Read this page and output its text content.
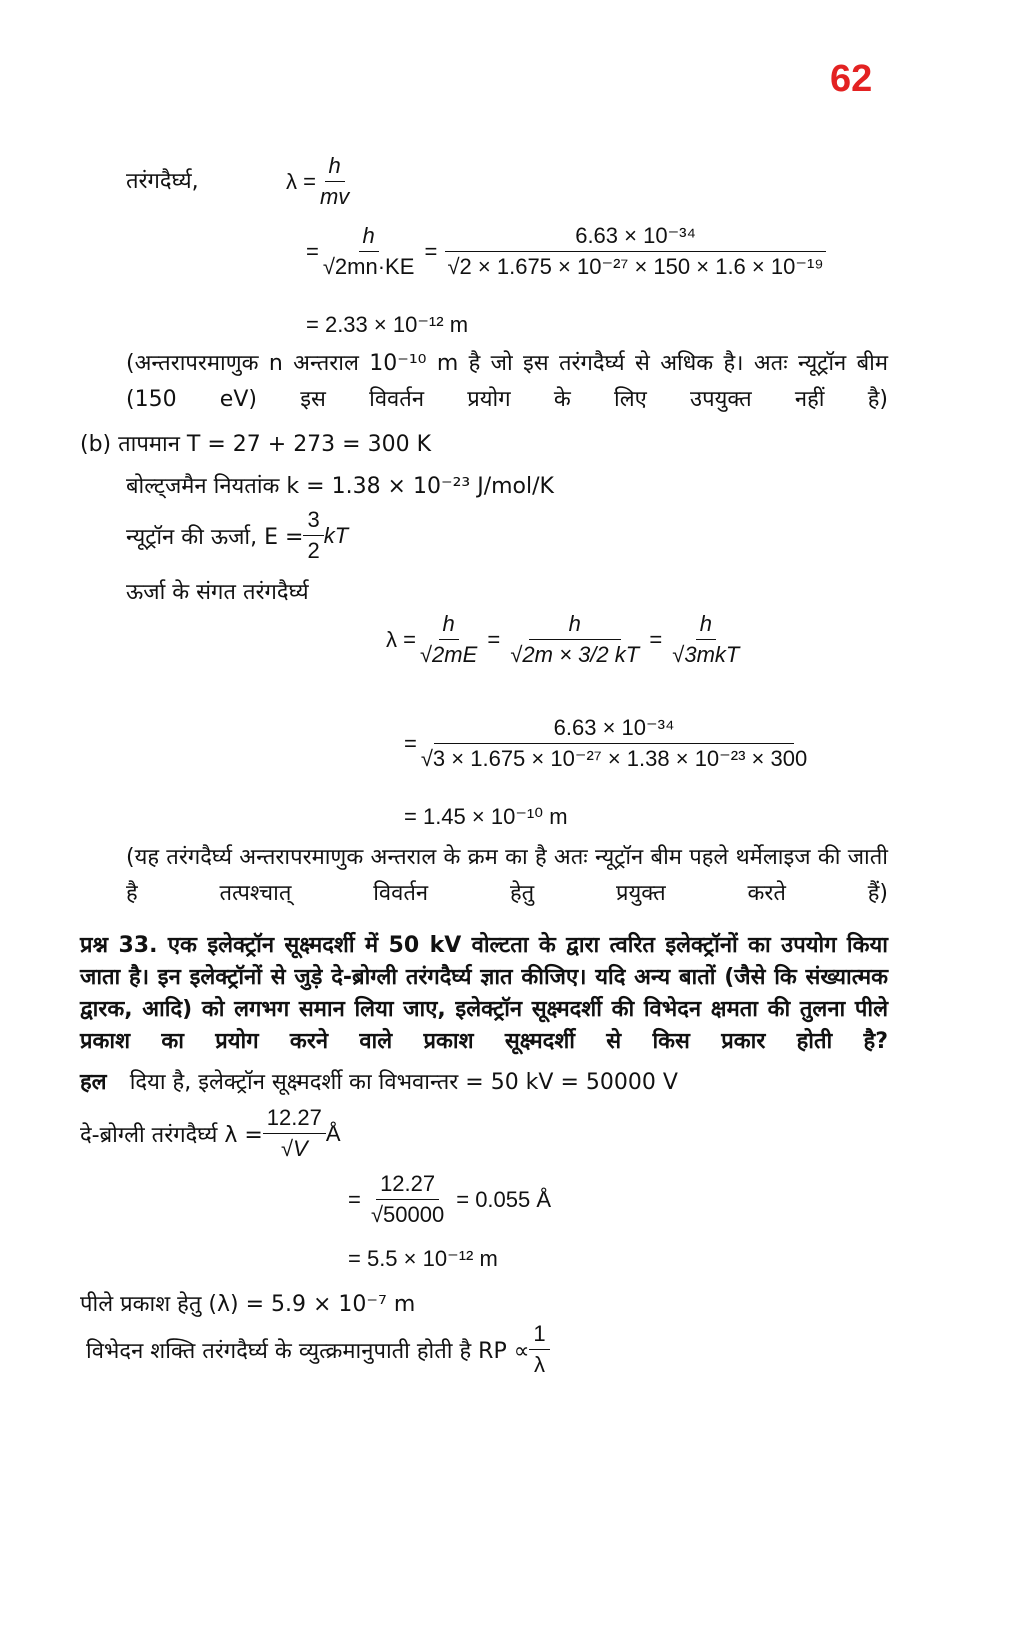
62
तरंगदैर्घ्य,	$\lambda = \frac{h}{mv}$
= $\frac{h}{√2mn\cdot KE} = \frac{\text{6.63 × 10⁻³⁴}}{\text{√2 × 1.675 × 10⁻²⁷ × 150 × 1.6 × 10⁻¹⁹}}$
= 2.33 × 10⁻¹² m
(अन्तरापरमाणुक n अन्तराल 10⁻¹⁰ m है जो इस तरंगदैर्घ्य से अधिक है। अतः न्यूट्रॉन बीम (150 eV) इस विवर्तन प्रयोग के लिए उपयुक्त नहीं है)
(b) तापमान T = 27 + 273 = 300 K
बोल्ट्जमैन नियतांक k = 1.38 × 10⁻²³ J/mol/K
न्यूट्रॉन की ऊर्जा, $E = \frac{3}{2}$ kT
ऊर्जा के संगत तरंगदैर्घ्य
$\lambda = \frac{h}{√2mE} = \frac{h}{√2m \times 3/2 kT} = \frac{h}{\text{√3mkT}}$
= $\frac{\text{6.63 × 10⁻³⁴}}{\text{√3 × 1.675 × 10⁻²⁷ × 1.38 × 10⁻²³ × 300}}$
= 1.45 × 10⁻¹⁰ m
(यह तरंगदैर्घ्य अन्तरापरमाणुक अन्तराल के क्रम का है अतः न्यूट्रॉन बीम पहले थर्मेलाइज की जाती है तत्पश्चात् विवर्तन हेतु प्रयुक्त करते हैं)
प्रश्न 33. एक इलेक्ट्रॉन सूक्ष्मदर्शी में 50 kV वोल्टता के द्वारा त्वरित इलेक्ट्रॉनों का उपयोग किया जाता है। इन इलेक्ट्रॉनों से जुड़े दे-ब्रोग्ली तरंगदैर्घ्य ज्ञात कीजिए। यदि अन्य बातों (जैसे कि संख्यात्मक द्वारक, आदि) को लगभग समान लिया जाए, इलेक्ट्रॉन सूक्ष्मदर्शी की विभेदन क्षमता की तुलना पीले प्रकाश का प्रयोग करने वाले प्रकाश सूक्ष्मदर्शी से किस प्रकार होती है?
हल दिया है, इलेक्ट्रॉन सूक्ष्मदर्शी का विभवान्तर = 50 kV = 50000 V
दे-ब्रोग्ली तरंगदैर्घ्य $\lambda = \frac{12.27}{√V}$ Å
= $\frac{12.27}{√50000} = 0.055$ Å
= 5.5 × 10⁻¹² m
पीले प्रकाश हेतु (λ) = 5.9 × 10⁻⁷ m
विभेदन शक्ति तरंगदैर्घ्य के व्युत्क्रमानुपाती होती है RP ∝ $\frac{1}{\lambda}$
